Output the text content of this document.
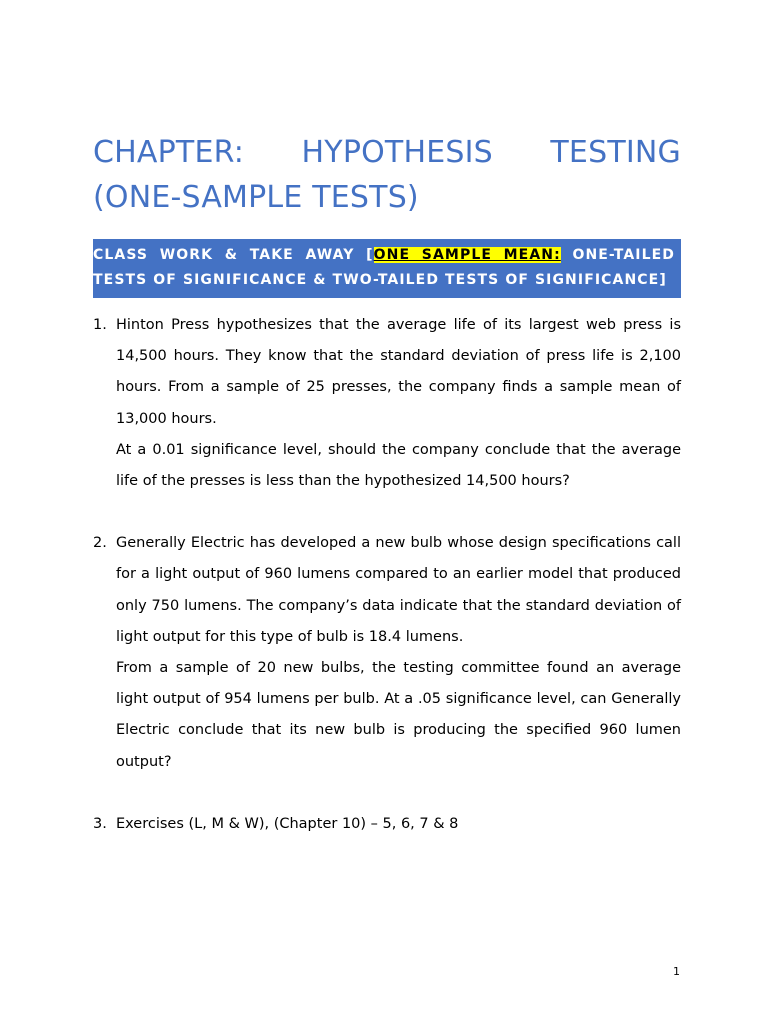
CHAPTER: HYPOTHESIS TESTING (ONE-SAMPLE TESTS)
CLASS WORK & TAKE AWAY [ONE SAMPLE MEAN: ONE-TAILED TESTS OF SIGNIFICANCE & TWO-TAILED TESTS OF SIGNIFICANCE]
1. Hinton Press hypothesizes that the average life of its largest web press is 14,500 hours. They know that the standard deviation of press life is 2,100 hours. From a sample of 25 presses, the company finds a sample mean of 13,000 hours.

At a 0.01 significance level, should the company conclude that the average life of the presses is less than the hypothesized 14,500 hours?

2. Generally Electric has developed a new bulb whose design specifications call for a light output of 960 lumens compared to an earlier model that produced only 750 lumens. The company’s data indicate that the standard deviation of light output for this type of bulb is 18.4 lumens.

From a sample of 20 new bulbs, the testing committee found an average light output of 954 lumens per bulb. At a .05 significance level, can Generally Electric conclude that its new bulb is producing the specified 960 lumen output?

3. Exercises (L, M & W), (Chapter 10) – 5, 6, 7 & 8

1
